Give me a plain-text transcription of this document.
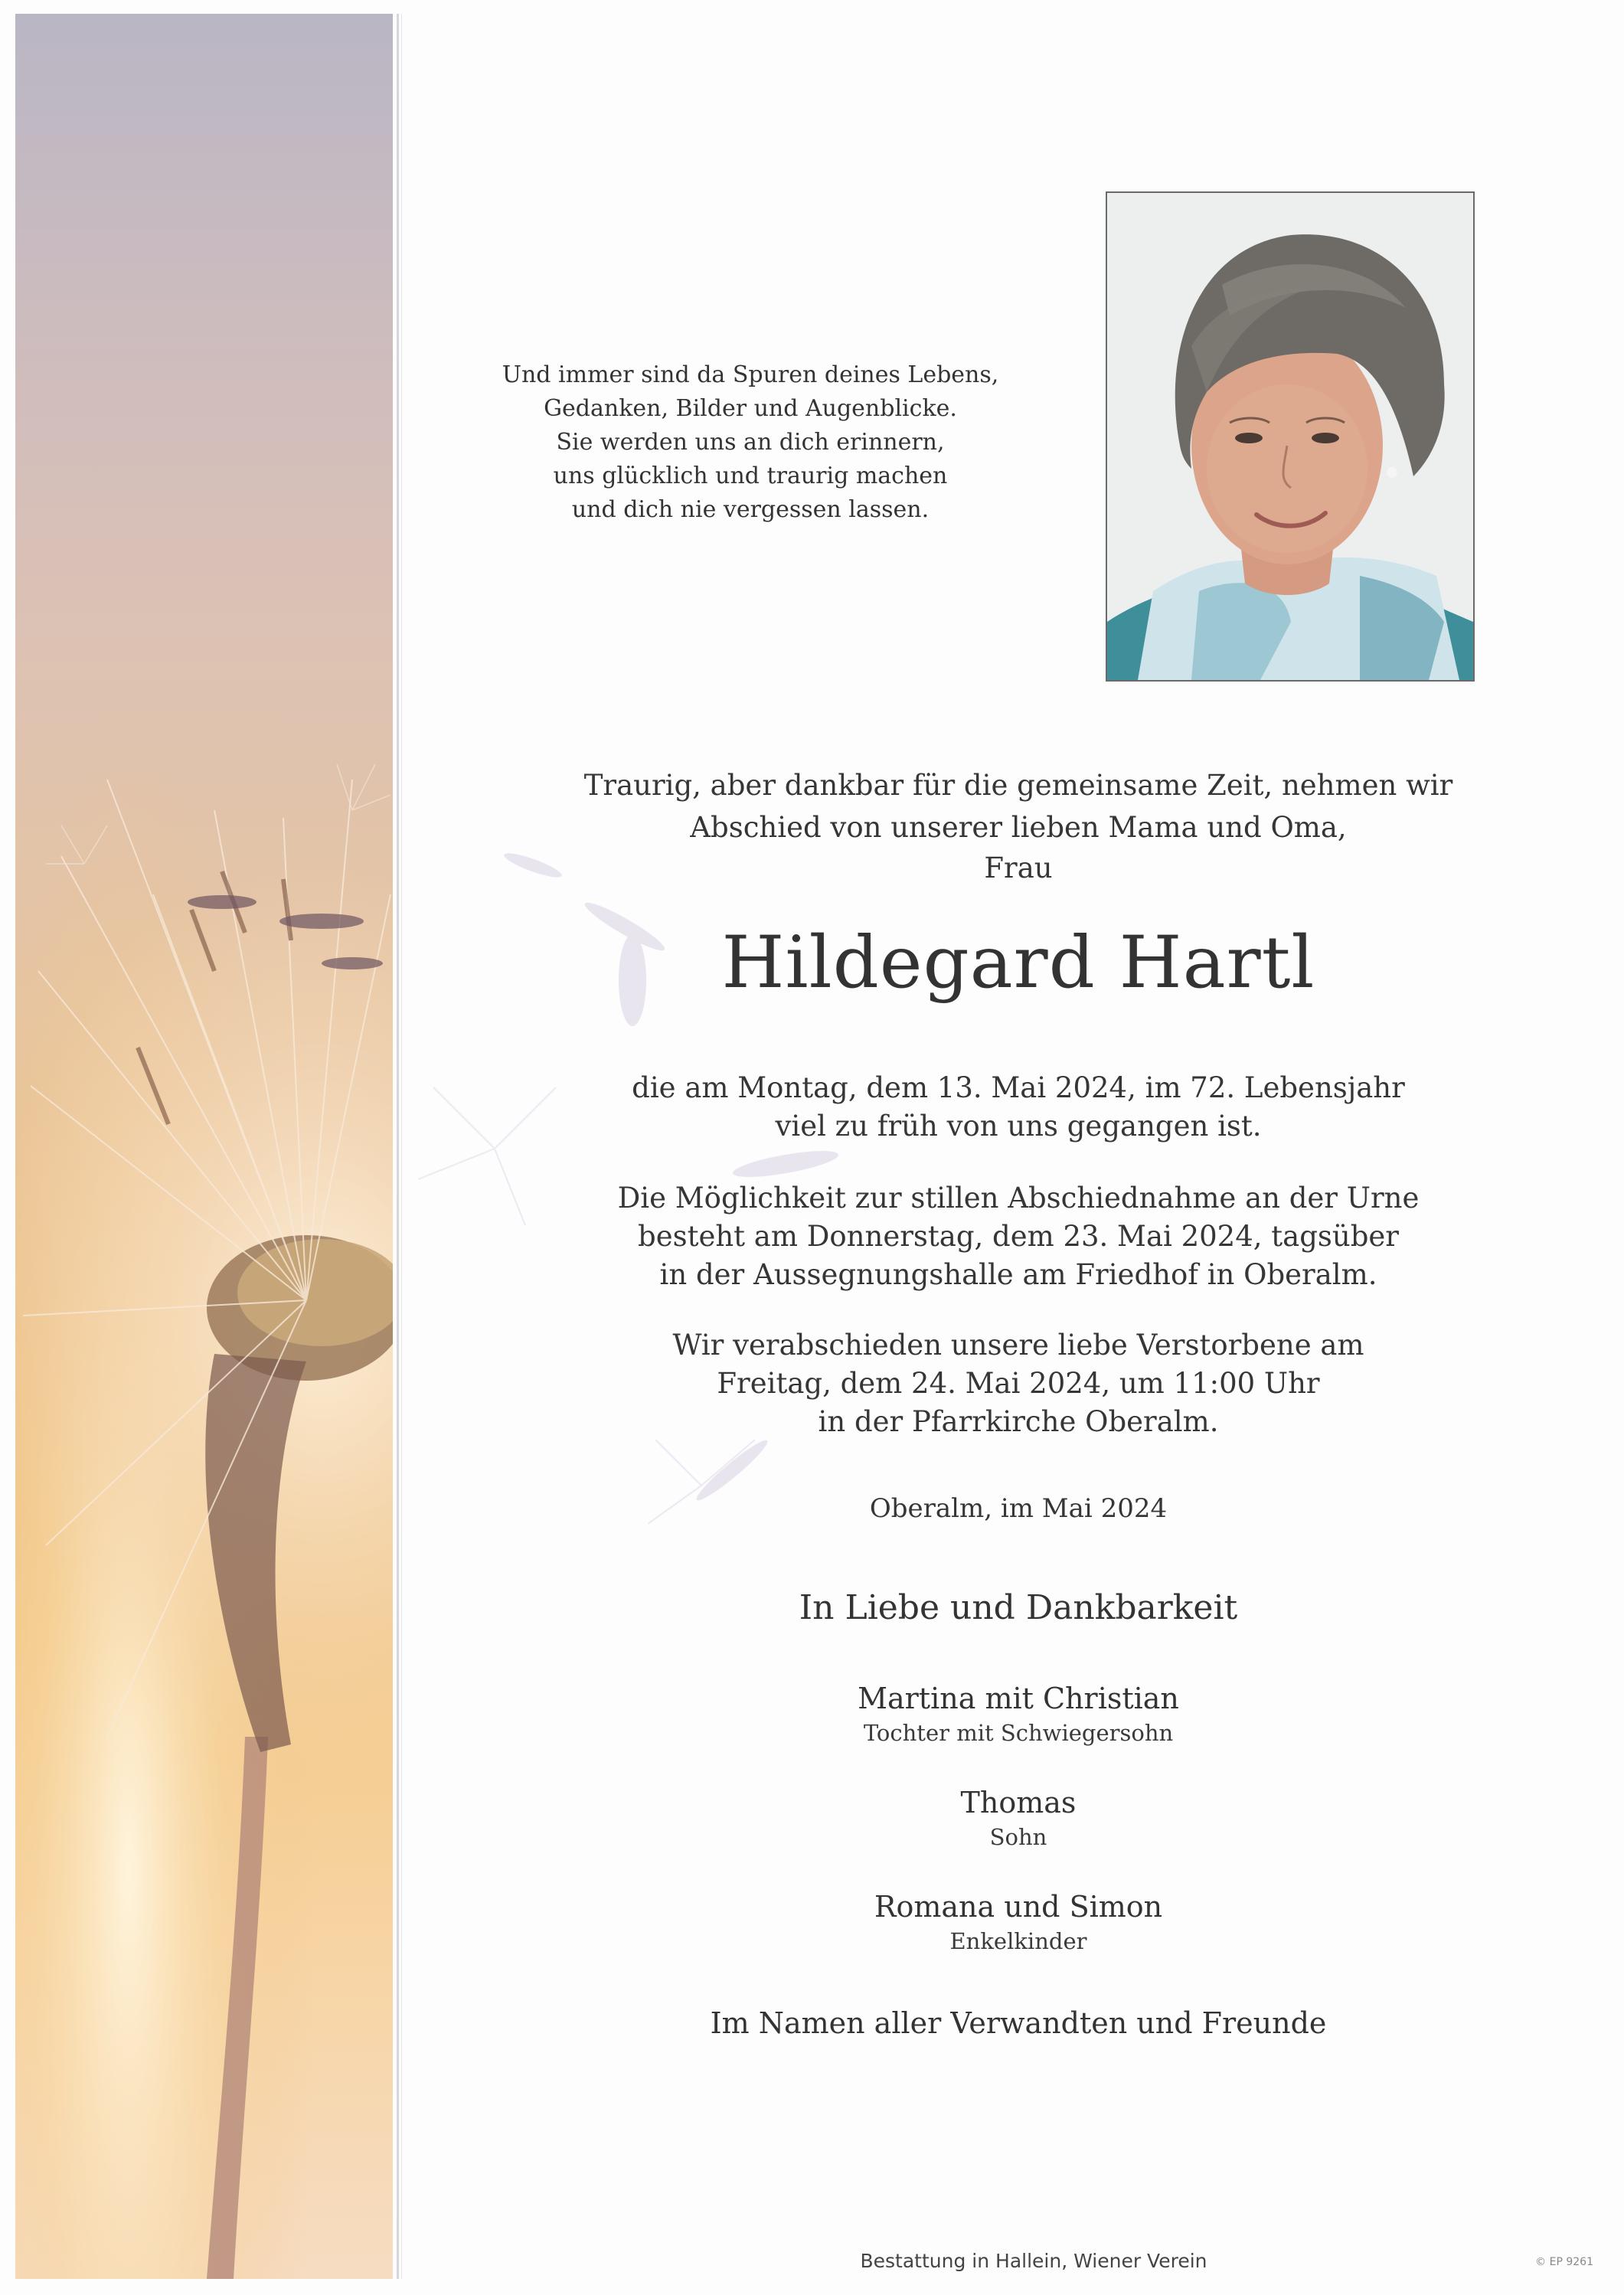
Und immer sind da Spuren deines Lebens,
Gedanken, Bilder und Augenblicke.
Sie werden uns an dich erinnern,
uns glücklich und traurig machen
und dich nie vergessen lassen.
Traurig, aber dankbar für die gemeinsame Zeit, nehmen wir
Abschied von unserer lieben Mama und Oma,
Frau
Hildegard Hartl
die am Montag, dem 13. Mai 2024, im 72. Lebensjahr
viel zu früh von uns gegangen ist.
Die Möglichkeit zur stillen Abschiednahme an der Urne
besteht am Donnerstag, dem 23. Mai 2024, tagsüber
in der Aussegnungshalle am Friedhof in Oberalm.
Wir verabschieden unsere liebe Verstorbene am
Freitag, dem 24. Mai 2024, um 11:00 Uhr
in der Pfarrkirche Oberalm.
Oberalm, im Mai 2024
In Liebe und Dankbarkeit
Martina mit Christian
Tochter mit Schwiegersohn
Thomas
Sohn
Romana und Simon
Enkelkinder
Im Namen aller Verwandten und Freunde
Bestattung in Hallein, Wiener Verein	© EP 9261
